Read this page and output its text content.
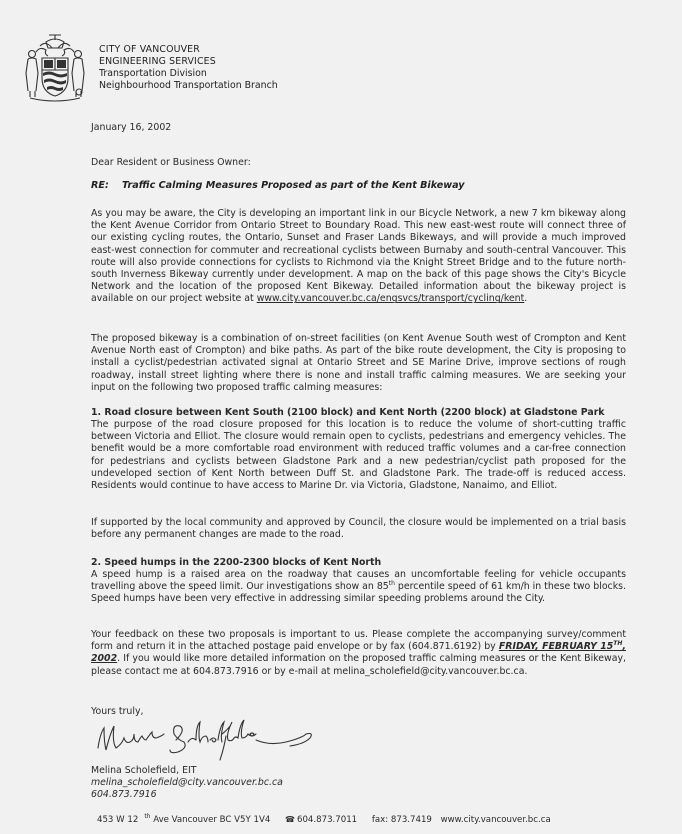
CITY OF VANCOUVER
ENGINEERING SERVICES
Transportation Division
Neighbourhood Transportation Branch
January 16, 2002
Dear Resident or Business Owner:
RE: Traffic Calming Measures Proposed as part of the Kent Bikeway
As you may be aware, the City is developing an important link in our Bicycle Network, a new 7 km bikeway along the Kent Avenue Corridor from Ontario Street to Boundary Road. This new east-west route will connect three of our existing cycling routes, the Ontario, Sunset and Fraser Lands Bikeways, and will provide a much improved east-west connection for commuter and recreational cyclists between Burnaby and south-central Vancouver. This route will also provide connections for cyclists to Richmond via the Knight Street Bridge and to the future north-south Inverness Bikeway currently under development. A map on the back of this page shows the City's Bicycle Network and the location of the proposed Kent Bikeway. Detailed information about the bikeway project is available on our project website at www.city.vancouver.bc.ca/engsvcs/transport/cycling/kent.
The proposed bikeway is a combination of on-street facilities (on Kent Avenue South west of Crompton and Kent Avenue North east of Crompton) and bike paths. As part of the bike route development, the City is proposing to install a cyclist/pedestrian activated signal at Ontario Street and SE Marine Drive, improve sections of rough roadway, install street lighting where there is none and install traffic calming measures. We are seeking your input on the following two proposed traffic calming measures:
1. Road closure between Kent South (2100 block) and Kent North (2200 block) at Gladstone Park
The purpose of the road closure proposed for this location is to reduce the volume of short-cutting traffic between Victoria and Elliot. The closure would remain open to cyclists, pedestrians and emergency vehicles. The benefit would be a more comfortable road environment with reduced traffic volumes and a car-free connection for pedestrians and cyclists between Gladstone Park and a new pedestrian/cyclist path proposed for the undeveloped section of Kent North between Duff St. and Gladstone Park. The trade-off is reduced access. Residents would continue to have access to Marine Dr. via Victoria, Gladstone, Nanaimo, and Elliot.
If supported by the local community and approved by Council, the closure would be implemented on a trial basis before any permanent changes are made to the road.
2. Speed humps in the 2200-2300 blocks of Kent North
A speed hump is a raised area on the roadway that causes an uncomfortable feeling for vehicle occupants travelling above the speed limit. Our investigations show an 85th percentile speed of 61 km/h in these two blocks. Speed humps have been very effective in addressing similar speeding problems around the City.
Your feedback on these two proposals is important to us. Please complete the accompanying survey/comment form and return it in the attached postage paid envelope or by fax (604.871.6192) by FRIDAY, FEBRUARY 15TH, 2002. If you would like more detailed information on the proposed traffic calming measures or the Kent Bikeway, please contact me at 604.873.7916 or by e-mail at melina_scholefield@city.vancouver.bc.ca.
Yours truly,
Melina Scholefield, EIT
melina_scholefield@city.vancouver.bc.ca
604.873.7916
453 W 12 $^{th}$ Ave Vancouver BC V5Y 1V4 ☎ 604.873.7011 fax: 873.7419 www.city.vancouver.bc.ca
